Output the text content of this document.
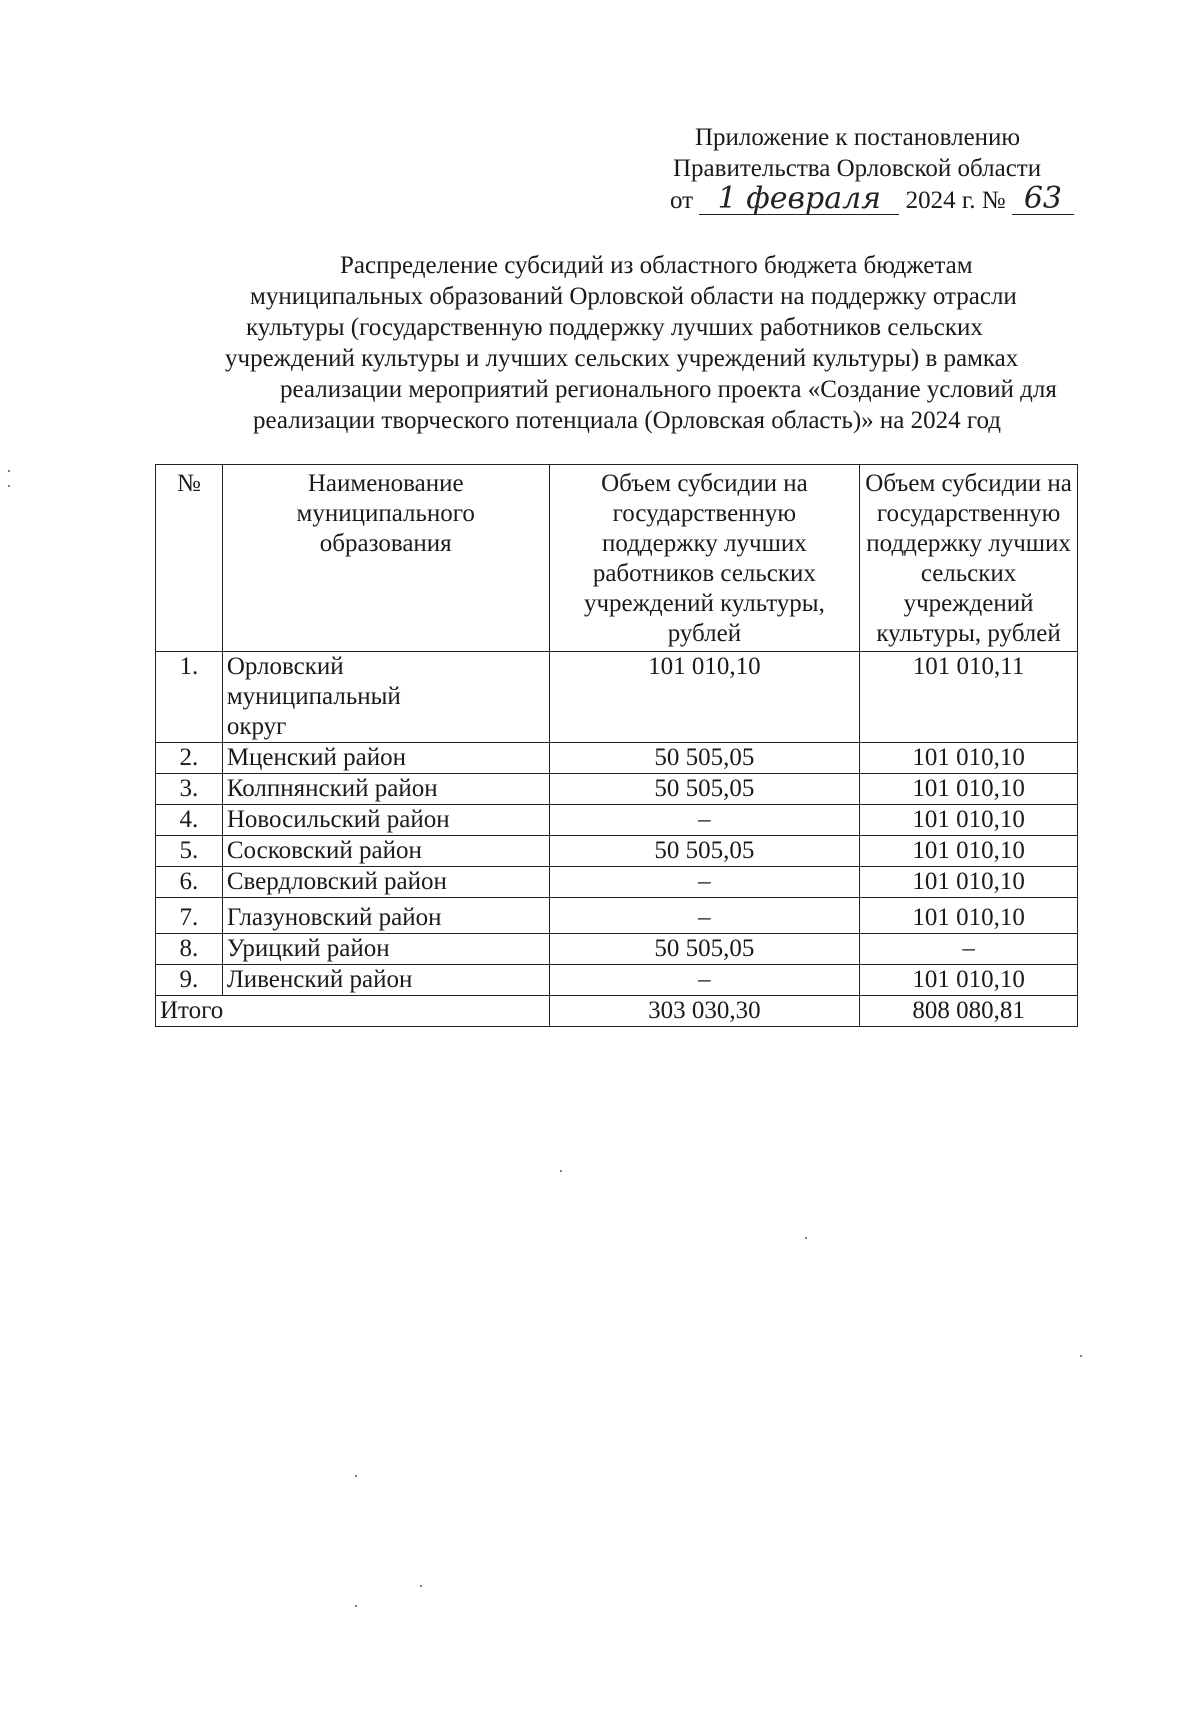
Приложение к постановлению
Правительства Орловской области
от 1 февраля 2024 г. № 63
Распределение субсидий из областного бюджета бюджетам
муниципальных образований Орловской области на поддержку отрасли
культуры (государственную поддержку лучших работников сельских
учреждений культуры и лучших сельских учреждений культуры) в рамках
реализации мероприятий регионального проекта «Создание условий для
реализации творческого потенциала (Орловская область)» на 2024 год
№	Наименование муниципального образования	Объем субсидии на государственную поддержку лучших работников сельских учреждений культуры, рублей	Объем субсидии на государственную поддержку лучших сельских учреждений культуры, рублей
1.	Орловский муниципальный округ	101 010,10	101 010,11
2.	Мценский район	50 505,05	101 010,10
3.	Колпнянский район	50 505,05	101 010,10
4.	Новосильский район	–	101 010,10
5.	Сосковский район	50 505,05	101 010,10
6.	Свердловский район	–	101 010,10
7.	Глазуновский район	–	101 010,10
8.	Урицкий район	50 505,05	–
9.	Ливенский район	–	101 010,10
Итого		303 030,30	808 080,81
